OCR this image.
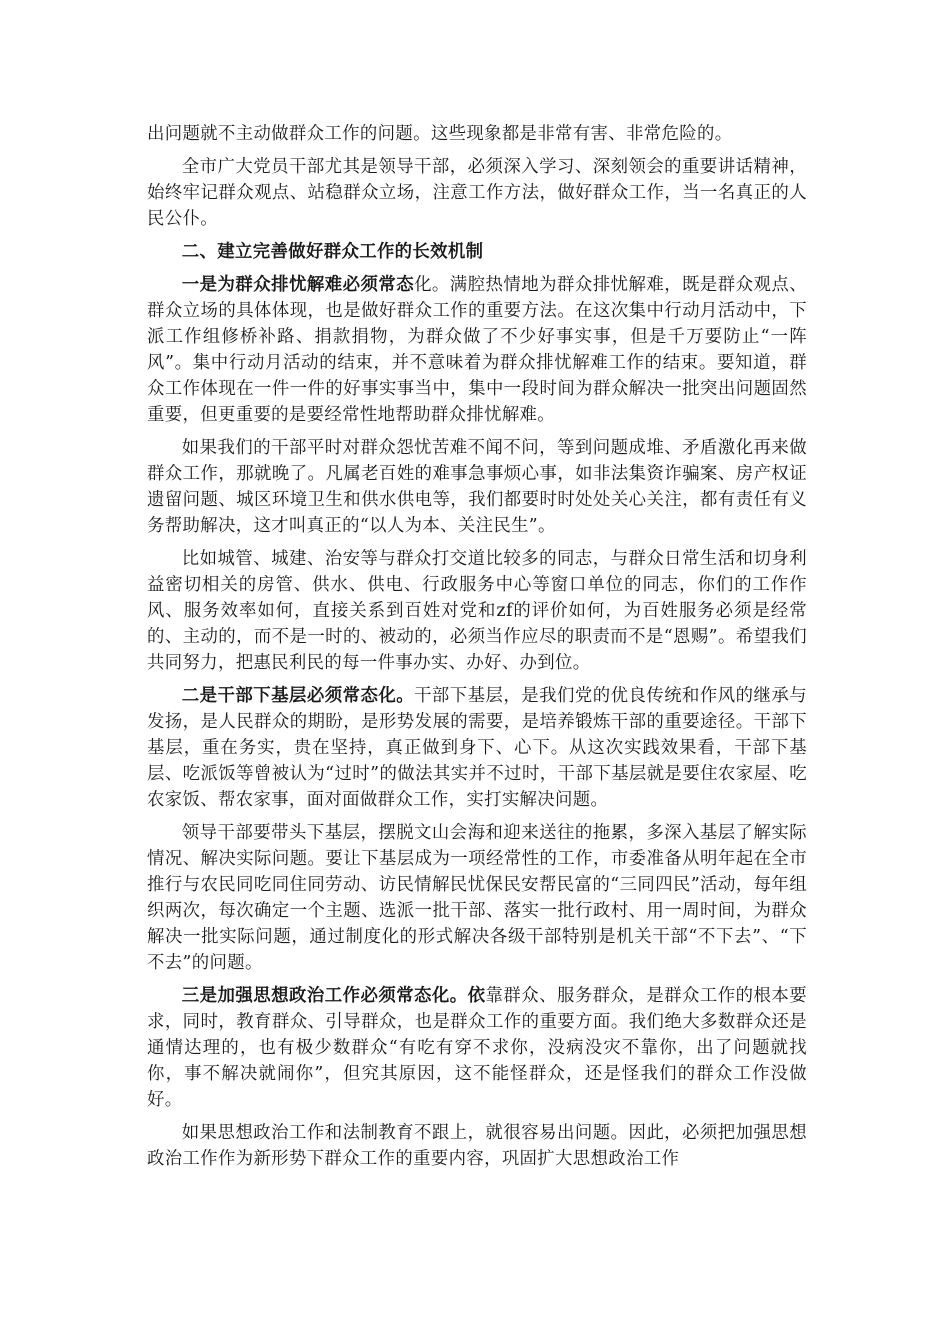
出问题就不主动做群众工作的问题。这些现象都是非常有害、非常危险的。

全市广大党员干部尤其是领导干部，必须深入学习、深刻领会的重要讲话精神，始终牢记群众观点、站稳群众立场，注意工作方法，做好群众工作，当一名真正的人民公仆。

二、建立完善做好群众工作的长效机制

一是为群众排忧解难必须常态化。满腔热情地为群众排忧解难，既是群众观点、群众立场的具体体现，也是做好群众工作的重要方法。在这次集中行动月活动中，下派工作组修桥补路、捐款捐物，为群众做了不少好事实事，但是千万要防止“一阵风”。集中行动月活动的结束，并不意味着为群众排忧解难工作的结束。要知道，群众工作体现在一件一件的好事实事当中，集中一段时间为群众解决一批突出问题固然重要，但更重要的是要经常性地帮助群众排忧解难。

如果我们的干部平时对群众怨忧苦难不闻不问，等到问题成堆、矛盾激化再来做群众工作，那就晚了。凡属老百姓的难事急事烦心事，如非法集资诈骗案、房产权证遗留问题、城区环境卫生和供水供电等，我们都要时时处处关心关注，都有责任有义务帮助解决，这才叫真正的“以人为本、关注民生”。

比如城管、城建、治安等与群众打交道比较多的同志，与群众日常生活和切身利益密切相关的房管、供水、供电、行政服务中心等窗口单位的同志，你们的工作作风、服务效率如何，直接关系到百姓对党和zf的评价如何，为百姓服务必须是经常的、主动的，而不是一时的、被动的，必须当作应尽的职责而不是“恩赐”。希望我们共同努力，把惠民利民的每一件事办实、办好、办到位。

二是干部下基层必须常态化。干部下基层，是我们党的优良传统和作风的继承与发扬，是人民群众的期盼，是形势发展的需要，是培养锻炼干部的重要途径。干部下基层，重在务实，贵在坚持，真正做到身下、心下。从这次实践效果看，干部下基层、吃派饭等曾被认为“过时”的做法其实并不过时，干部下基层就是要住农家屋、吃农家饭、帮农家事，面对面做群众工作，实打实解决问题。

领导干部要带头下基层，摆脱文山会海和迎来送往的拖累，多深入基层了解实际情况、解决实际问题。要让下基层成为一项经常性的工作，市委准备从明年起在全市推行与农民同吃同住同劳动、访民情解民忧保民安帮民富的“三同四民”活动，每年组织两次，每次确定一个主题、选派一批干部、落实一批行政村、用一周时间，为群众解决一批实际问题，通过制度化的形式解决各级干部特别是机关干部“不下去”、“下不去”的问题。

三是加强思想政治工作必须常态化。依靠群众、服务群众，是群众工作的根本要求，同时，教育群众、引导群众，也是群众工作的重要方面。我们绝大多数群众还是通情达理的，也有极少数群众“有吃有穿不求你，没病没灾不靠你，出了问题就找你，事不解决就闹你”，但究其原因，这不能怪群众，还是怪我们的群众工作没做好。

如果思想政治工作和法制教育不跟上，就很容易出问题。因此，必须把加强思想政治工作作为新形势下群众工作的重要内容，巩固扩大思想政治工作
